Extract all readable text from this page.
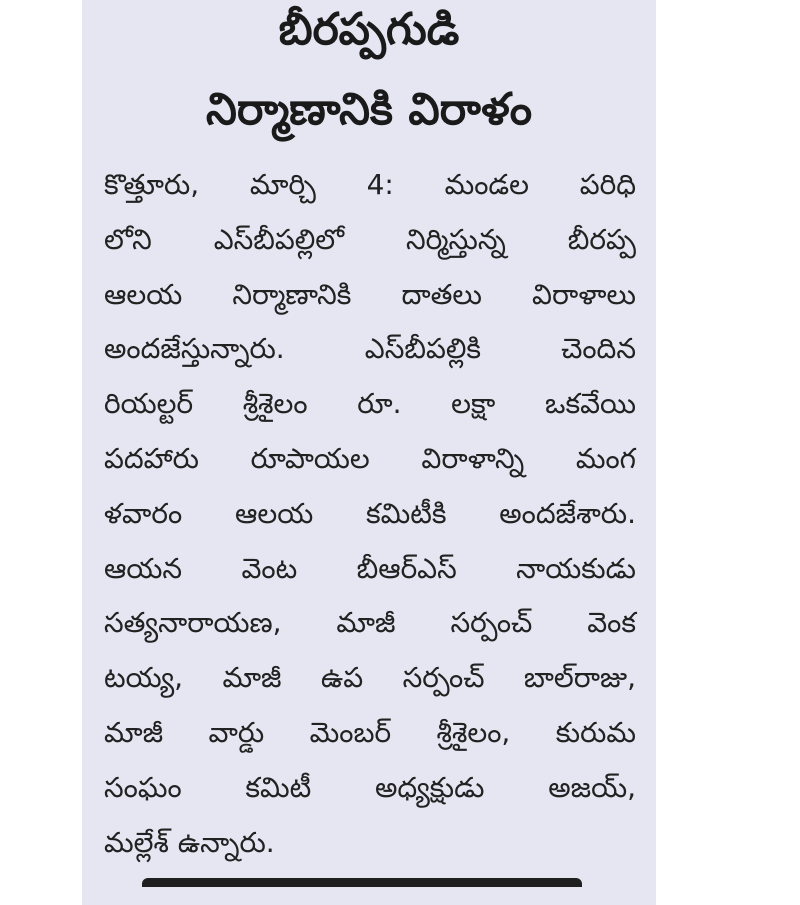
బీరప్పగుడి
నిర్మాణానికి విరాళం
కొత్తూరు, మార్చి 4: మండల పరిధి
లోని ఎస్‌బీపల్లిలో నిర్మిస్తున్న బీరప్ప
ఆలయ నిర్మాణానికి దాతలు విరాళాలు
అందజేస్తున్నారు. ఎస్‌బీపల్లికి చెందిన
రియల్టర్ శ్రీశైలం రూ. లక్షా ఒకవేయి
పదహారు రూపాయల విరాళాన్ని మంగ
ళవారం ఆలయ కమిటీకి అందజేశారు.
ఆయన వెంట బీఆర్‌ఎస్ నాయకుడు
సత్యనారాయణ, మాజీ సర్పంచ్ వెంక
టయ్య, మాజీ ఉప సర్పంచ్ బాల్‌రాజు,
మాజీ వార్డు మెంబర్ శ్రీశైలం, కురుమ
సంఘం కమిటీ అధ్యక్షుడు అజయ్,
మల్లేశ్ ఉన్నారు.
